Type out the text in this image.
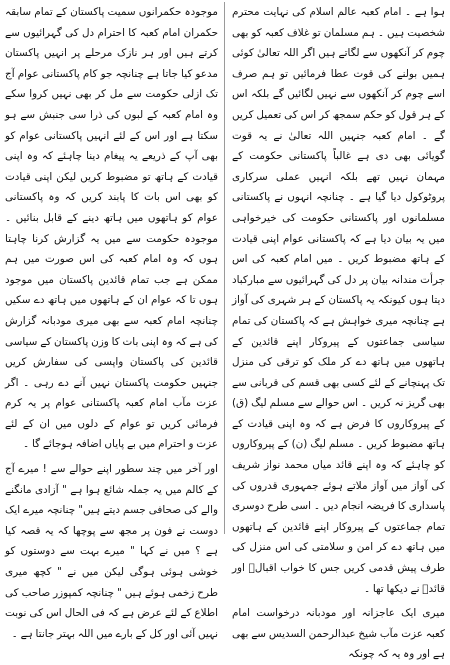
ہوا ہے ۔ امام کعبہ عالم اسلام کی نہایت محترم شخصیت ہیں ۔ ہم مسلمان تو غلاف کعبہ کو بھی چوم کر آنکھوں سے لگاتے ہیں اگر اللہ تعالیٰ کوئی ہمیں بولنے کی قوت عطا فرمائیں تو ہم صرف اسے چوم کر آنکھوں سے نہیں لگائیں گے بلکہ اس کے ہر قول کو حکم سمجھ کر اس کی تعمیل کریں گے ۔ امام کعبہ جنہیں اللہ تعالیٰ نے یہ قوت گویائی بھی دی ہے غالباً پاکستانی حکومت کے مہمان نہیں تھے بلکہ انہیں عملی سرکاری پروٹوکول دیا گیا ہے ۔ چنانچہ انہوں نے پاکستانی مسلمانوں اور پاکستانی حکومت کی خیرخواہی میں یہ بیان دیا ہے کہ پاکستانی عوام اپنی قیادت کے ہاتھ مضبوط کریں ۔ میں امام کعبہ کی اس جرأت مندانہ بیان پر دل کی گہرائیوں سے مبارکباد دیتا ہوں کیونکہ یہ پاکستان کے ہر شہری کی آواز ہے چنانچہ میری خواہش ہے کہ پاکستان کی تمام سیاسی جماعتوں کے پیروکار اپنے قائدین کے ہاتھوں میں ہاتھ دے کر ملک کو ترقی کی منزل تک پہنچانے کے لئے کسی بھی قسم کی قربانی سے بھی گریز نہ کریں ۔ اس حوالے سے مسلم لیگ (ق) کے پیروکاروں کا فرض ہے کہ وہ اپنی قیادت کے ہاتھ مضبوط کریں ۔ مسلم لیگ (ن) کے پیروکاروں کو چاہئے کہ وہ اپنے قائد میاں محمد نواز شریف کی آواز میں آواز ملاتے ہوئے جمہوری قدروں کی پاسداری کا فریضہ انجام دیں ۔ اسی طرح دوسری تمام جماعتوں کے پیروکار اپنے قائدین کے ہاتھوں میں ہاتھ دے کر امن و سلامتی کی اس منزل کی طرف پیش قدمی کریں جس کا خواب اقبالؒ اور قائدؒ نے دیکھا تھا ۔

میری ایک عاجزانہ اور مودبانہ درخواست امام کعبہ عزت مآب شیخ عبدالرحمن السدیس سے بھی ہے اور وہ یہ کہ چونکہ

موجودہ حکمرانوں سمیت پاکستان کے تمام سابقہ حکمران امام کعبہ کا احترام دل کی گہرائیوں سے کرتے ہیں اور ہر نازک مرحلے پر انہیں پاکستان مدعو کیا جاتا ہے چنانچہ جو کام پاکستانی عوام آج تک ازلی حکومت سے مل کر بھی نہیں کروا سکے وہ امام کعبہ کے لبوں کی ذرا سی جنبش سے ہو سکتا ہے اور اس کے لئے انہیں پاکستانی عوام کو بھی آپ کے ذریعے یہ پیغام دینا چاہئے کہ وہ اپنی قیادت کے ہاتھ تو مضبوط کریں لیکن اپنی قیادت کو بھی اس بات کا پابند کریں کہ وہ پاکستانی عوام کو ہاتھوں میں ہاتھ دینے کے قابل بنائیں ۔ موجودہ حکومت سے میں یہ گزارش کرنا چاہتا ہوں کہ وہ امام کعبہ کی اس صورت میں ہم ممکن ہے جب تمام قائدین پاکستان میں موجود ہوں تا کہ عوام ان کے ہاتھوں میں ہاتھ دے سکیں چنانچہ امام کعبہ سے بھی میری مودبانہ گزارش کی ہے کہ وہ اپنی بات کا وزن پاکستان کے سیاسی قائدین کی پاکستان واپسی کی سفارش کریں جنہیں حکومت پاکستان نہیں آنے دے رہی ۔ اگر عزت مآب امام کعبہ پاکستانی عوام پر یہ کرم فرمائی کریں تو عوام کے دلوں میں ان کے لئے عزت و احترام میں بے پایاں اضافہ ہوجائے گا ۔

اور آخر میں چند سطور اپنے حوالے سے ! میرے آج کے کالم میں یہ جملہ شائع ہوا ہے " آزادی مانگنے والے کی صحافی جسم دیتے ہیں" چنانچہ میرے ایک دوست نے فون پر مجھ سے پوچھا کہ یہ قصہ کیا ہے ؟ میں نے کہا " میرے بہت سے دوستوں کو خوشی ہوئی ہوگی لیکن میں نے " کچھ میری طرح زخمی ہوئے ہیں " چنانچہ کمپوزر صاحب کی اطلاع کے لئے عرض ہے کہ فی الحال اس کی نوبت نہیں آئی اور کل کے بارے میں اللہ بہتر جانتا ہے ۔
